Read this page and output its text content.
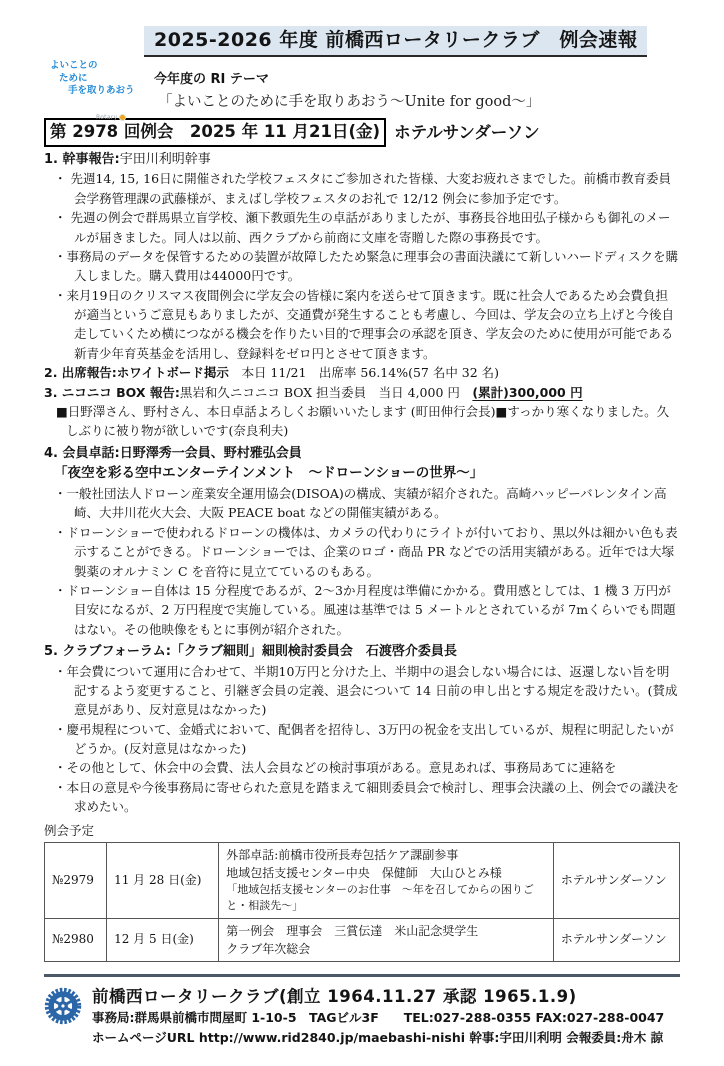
よいことの
ために
手を取りあおう
Rotary
2025-2026 年度 前橋西ロータリークラブ　例会速報
今年度の RI テーマ
「よいことのために手を取りあおう〜Unite for good〜」
第 2978 回例会　2025 年 11 月21日(金) ホテルサンダーソン
1. 幹事報告:宇田川利明幹事

・ 先週14, 15, 16日に開催された学校フェスタにご参加された皆様、大変お疲れさまでした。前橋市教育委員会学務管理課の武藤様が、まえばし学校フェスタのお礼で 12/12 例会に参加予定です。

・ 先週の例会で群馬県立盲学校、瀬下教頭先生の卓話がありましたが、事務長谷地田弘子様からも御礼のメールが届きました。同人は以前、西クラブから前商に文庫を寄贈した際の事務長です。

・事務局のデータを保管するための装置が故障したため緊急に理事会の書面決議にて新しいハードディスクを購入しました。購入費用は44000円です。

・来月19日のクリスマス夜間例会に学友会の皆様に案内を送らせて頂きます。既に社会人であるため会費負担が適当というご意見もありましたが、交通費が発生することも考慮し、今回は、学友会の立ち上げと今後自走していくため横につながる機会を作りたい目的で理事会の承認を頂き、学友会のために使用が可能である新青少年育英基金を活用し、登録料をゼロ円とさせて頂きます。

2. 出席報告:ホワイトボード掲示　本日 11/21　出席率 56.14%(57 名中 32 名)

3. ニコニコ BOX 報告:黒岩和久ニコニコ BOX 担当委員　当日 4,000 円　(累計)300,000 円

■日野澤さん、野村さん、本日卓話よろしくお願いいたします (町田伸行会長)■すっかり寒くなりました。久しぶりに被り物が欲しいです(奈良利夫)

4. 会員卓話:日野澤秀一会員、野村雅弘会員
「夜空を彩る空中エンターテインメント　〜ドローンショーの世界〜」

・一般社団法人ドローン産業安全運用協会(DISOA)の構成、実績が紹介された。高崎ハッピーバレンタイン高崎、大井川花火大会、大阪 PEACE boat などの開催実績がある。

・ドローンショーで使われるドローンの機体は、カメラの代わりにライトが付いており、黒以外は細かい色も表示することができる。ドローンショーでは、企業のロゴ・商品 PR などでの活用実績がある。近年では大塚製薬のオルナミン C を音符に見立てているのもある。

・ドローンショー自体は 15 分程度であるが、2〜3か月程度は準備にかかる。費用感としては、1 機 3 万円が目安になるが、2 万円程度で実施している。風速は基準では 5 メートルとされているが 7mくらいでも問題はない。その他映像をもとに事例が紹介された。

5. クラブフォーラム:「クラブ細則」細則検討委員会　石渡啓介委員長

・年会費について運用に合わせて、半期10万円と分けた上、半期中の退会しない場合には、返還しない旨を明記するよう変更すること、引継ぎ会員の定義、退会について 14 日前の申し出とする規定を設けたい。(賛成意見があり、反対意見はなかった)

・慶弔規程について、金婚式において、配偶者を招待し、3万円の祝金を支出しているが、規程に明記したいがどうか。(反対意見はなかった)

・その他として、休会中の会費、法人会員などの検討事項がある。意見あれば、事務局あてに連絡を

・本日の意見や今後事務局に寄せられた意見を踏まえて細則委員会で検討し、理事会決議の上、例会での議決を求めたい。

例会予定
№2979	11 月 28 日(金)	外部卓話:前橋市役所長寿包括ケア課副参事
地域包括支援センター中央　保健師　大山ひとみ様
「地域包括支援センターのお仕事　〜年を召してからの困りごと・相談先〜」	ホテルサンダーソン
№2980	12 月 5 日(金)	第一例会　理事会　三賞伝達　米山記念奨学生
クラブ年次総会	ホテルサンダーソン
前橋西ロータリークラブ(創立 1964.11.27 承認 1965.1.9)
事務局:群馬県前橋市問屋町 1-10-5　TAGビル3F　　TEL:027-288-0355 FAX:027-288-0047
ホームページURL http://www.rid2840.jp/maebashi-nishi 幹事:宇田川利明 会報委員:舟木 諒
